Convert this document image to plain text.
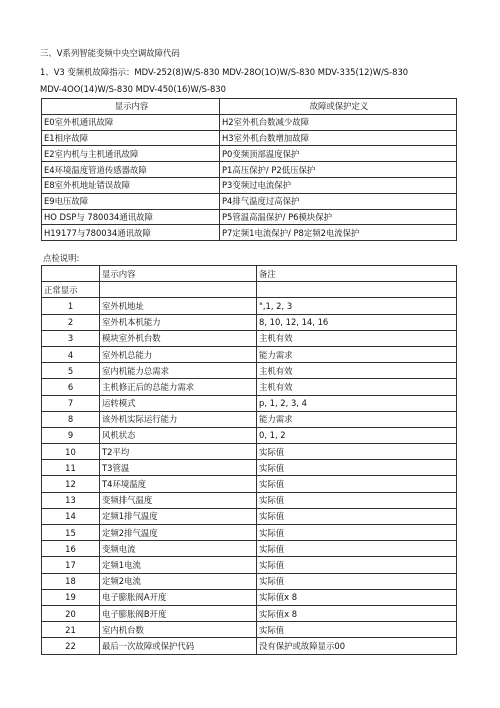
三、V系列智能变频中央空调故障代码
1、V3 变频机故障指示：MDV-252(8)W/S-830 MDV-28O(1O)W/S-830 MDV-335(12)W/S-830
MDV-4OO(14)W/S-830 MDV-450(16)W/S-830
显示内容	故障或保护定义
E0室外机通讯故障	H2室外机台数减少故障
E1相序故障	H3室外机台数增加故障
E2室内机与主机通讯故障	P0变频顶部温度保护
E4环境温度管道传感器故障	P1高压保护/ P2低压保护
E8室外机地址错误故障	P3变频过电流保护
E9电压故障	P4排气温度过高保护
HO DSP与 780034通讯故障	P5管温高温保护/ P6模块保护
H19177与780034通讯故障	P7定频1电流保护/ P8定频2电流保护
点检说明:
	显示内容	备注
正常显示		
1	室外机地址	",1, 2, 3
2	室外机本机能力	8, 10, 12, 14, 16
3	模块室外机台数	主机有效
4	室外机总能力	能力需求
5	室内机能力总需求	主机有效
6	主机修正后的总能力需求	主机有效
7	运转模式	p, 1, 2, 3, 4
8	该外机实际运行能力	能力需求
9	风机状态	0, 1, 2
10	T2平均	实际值
11	T3管温	实际值
12	T4环境温度	实际值
13	变频排气温度	实际值
14	定频1排气温度	实际值
15	定频2排气温度	实际值
16	变频电流	实际值
17	定频1电流	实际值
18	定频2电流	实际值
19	电子膨胀阀A开度	实际值x 8
20	电子膨胀阀B开度	实际值x 8
21	室内机台数	实际值
22	最后一次故障或保护代码	没有保护或故障显示00
